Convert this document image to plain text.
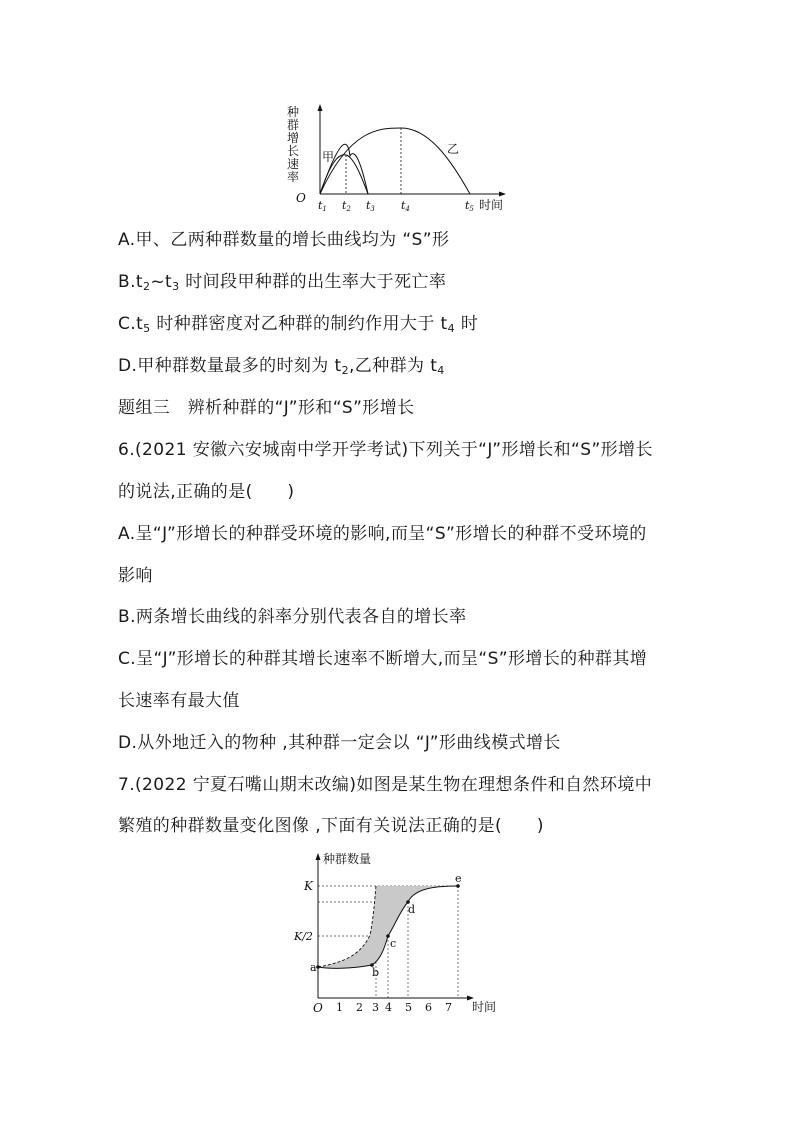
种
群
增
长
速
率
O
甲
乙
t1 t2 t3 t4	t5 时间
A.甲、乙两种群数量的增长曲线均为 “S”形
$B.t_2\sim t_3$ 时间段甲种群的出生率大于死亡率
$C.t_5$ 时种群密度对乙种群的制约作用大于 $t_4$ 时
D.甲种群数量最多的时刻为 $t_2$,乙种群为 $t_4$
题组三　辨析种群的“J”形和“S”形增长
6.(2021 安徽六安城南中学开学考试)下列关于“J”形增长和“S”形增长
的说法,正确的是(　　)
A.呈“J”形增长的种群受环境的影响,而呈“S”形增长的种群不受环境的
影响
B.两条增长曲线的斜率分别代表各自的增长率
C.呈“J”形增长的种群其增长速率不断增大,而呈“S”形增长的种群其增
长速率有最大值
D.从外地迁入的物种 ,其种群一定会以 “J”形曲线模式增长
7.(2022 宁夏石嘴山期末改编)如图是某生物在理想条件和自然环境中
繁殖的种群数量变化图像 ,下面有关说法正确的是(　　)
种群数量
K
K/2
O 1 2 3 4 5 6 7 时间
a	b
c
d
e
